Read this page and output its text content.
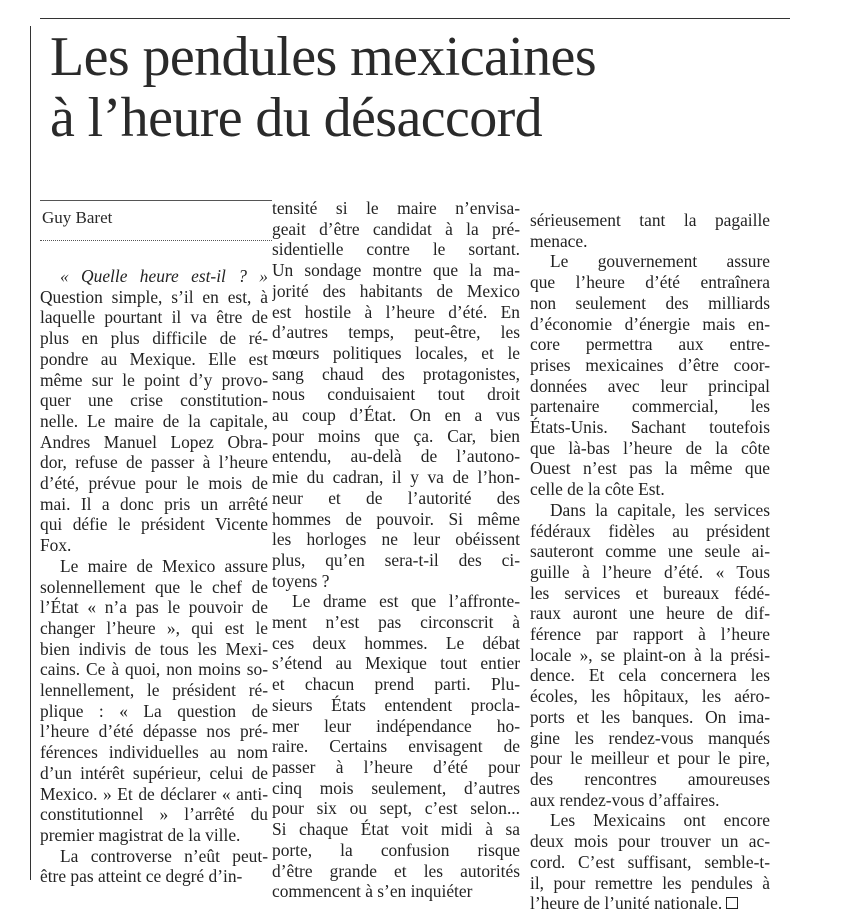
Les pendules mexicaines
à l’heure du désaccord
Guy Baret
« Quelle heure est-il ? »
Question simple, s’il en est, à
laquelle pourtant il va être de
plus en plus difficile de ré-
pondre au Mexique. Elle est
même sur le point d’y provo-
quer une crise constitution-
nelle. Le maire de la capitale,
Andres Manuel Lopez Obra-
dor, refuse de passer à l’heure
d’été, prévue pour le mois de
mai. Il a donc pris un arrêté
qui défie le président Vicente
Fox.
Le maire de Mexico assure
solennellement que le chef de
l’État « n’a pas le pouvoir de
changer l’heure », qui est le
bien indivis de tous les Mexi-
cains. Ce à quoi, non moins so-
lennellement, le président ré-
plique : « La question de
l’heure d’été dépasse nos pré-
férences individuelles au nom
d’un intérêt supérieur, celui de
Mexico. » Et de déclarer « anti-
constitutionnel » l’arrêté du
premier magistrat de la ville.
La controverse n’eût peut-
être pas atteint ce degré d’in-
tensité si le maire n’envisa-
geait d’être candidat à la pré-
sidentielle contre le sortant.
Un sondage montre que la ma-
jorité des habitants de Mexico
est hostile à l’heure d’été. En
d’autres temps, peut-être, les
mœurs politiques locales, et le
sang chaud des protagonistes,
nous conduisaient tout droit
au coup d’État. On en a vus
pour moins que ça. Car, bien
entendu, au-delà de l’autono-
mie du cadran, il y va de l’hon-
neur et de l’autorité des
hommes de pouvoir. Si même
les horloges ne leur obéissent
plus, qu’en sera-t-il des ci-
toyens ?
Le drame est que l’affronte-
ment n’est pas circonscrit à
ces deux hommes. Le débat
s’étend au Mexique tout entier
et chacun prend parti. Plu-
sieurs États entendent procla-
mer leur indépendance ho-
raire. Certains envisagent de
passer à l’heure d’été pour
cinq mois seulement, d’autres
pour six ou sept, c’est selon...
Si chaque État voit midi à sa
porte, la confusion risque
d’être grande et les autorités
commencent à s’en inquiéter
sérieusement tant la pagaille
menace.
Le gouvernement assure
que l’heure d’été entraînera
non seulement des milliards
d’économie d’énergie mais en-
core permettra aux entre-
prises mexicaines d’être coor-
données avec leur principal
partenaire commercial, les
États-Unis. Sachant toutefois
que là-bas l’heure de la côte
Ouest n’est pas la même que
celle de la côte Est.
Dans la capitale, les services
fédéraux fidèles au président
sauteront comme une seule ai-
guille à l’heure d’été. « Tous
les services et bureaux fédé-
raux auront une heure de dif-
férence par rapport à l’heure
locale », se plaint-on à la prési-
dence. Et cela concernera les
écoles, les hôpitaux, les aéro-
ports et les banques. On ima-
gine les rendez-vous manqués
pour le meilleur et pour le pire,
des rencontres amoureuses
aux rendez-vous d’affaires.
Les Mexicains ont encore
deux mois pour trouver un ac-
cord. C’est suffisant, semble-t-
il, pour remettre les pendules à
l’heure de l’unité nationale.
